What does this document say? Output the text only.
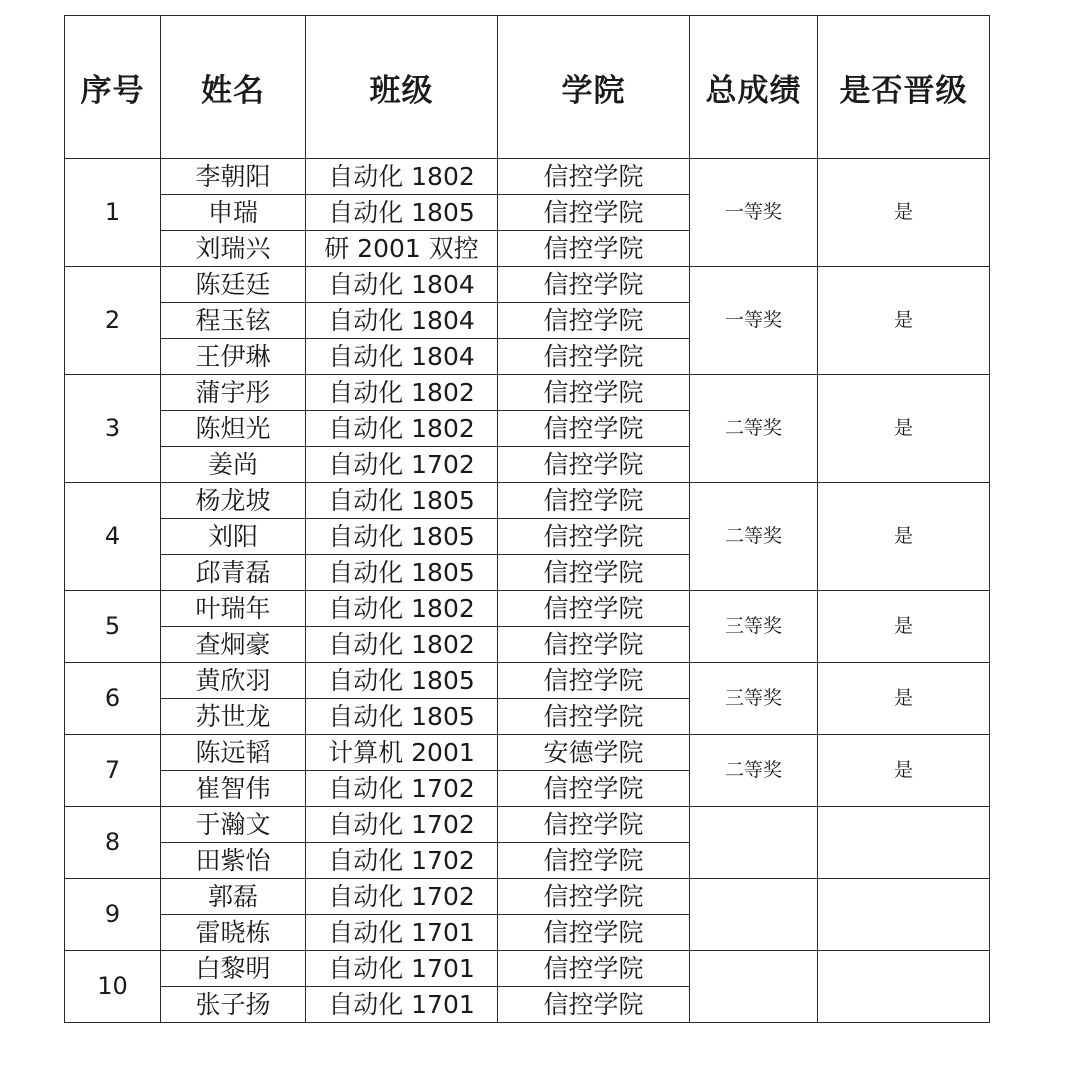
序号	姓名	班级	学院	总成绩	是否晋级
1	李朝阳	自动化 1802	信控学院	一等奖	是
	申瑞	自动化 1805	信控学院		
	刘瑞兴	研 2001 双控	信控学院		
2	陈廷廷	自动化 1804	信控学院	一等奖	是
	程玉铉	自动化 1804	信控学院		
	王伊琳	自动化 1804	信控学院		
3	蒲宇彤	自动化 1802	信控学院	二等奖	是
	陈炟光	自动化 1802	信控学院		
	姜尚	自动化 1702	信控学院		
4	杨龙坡	自动化 1805	信控学院	二等奖	是
	刘阳	自动化 1805	信控学院		
	邱青磊	自动化 1805	信控学院		
5	叶瑞年	自动化 1802	信控学院	三等奖	是
	查炯豪	自动化 1802	信控学院		
6	黄欣羽	自动化 1805	信控学院	三等奖	是
	苏世龙	自动化 1805	信控学院		
7	陈远韬	计算机 2001	安德学院	二等奖	是
	崔智伟	自动化 1702	信控学院		
8	于瀚文	自动化 1702	信控学院		
	田紫怡	自动化 1702	信控学院		
9	郭磊	自动化 1702	信控学院		
	雷晓栋	自动化 1701	信控学院		
10	白黎明	自动化 1701	信控学院		
	张子扬	自动化 1701	信控学院		
